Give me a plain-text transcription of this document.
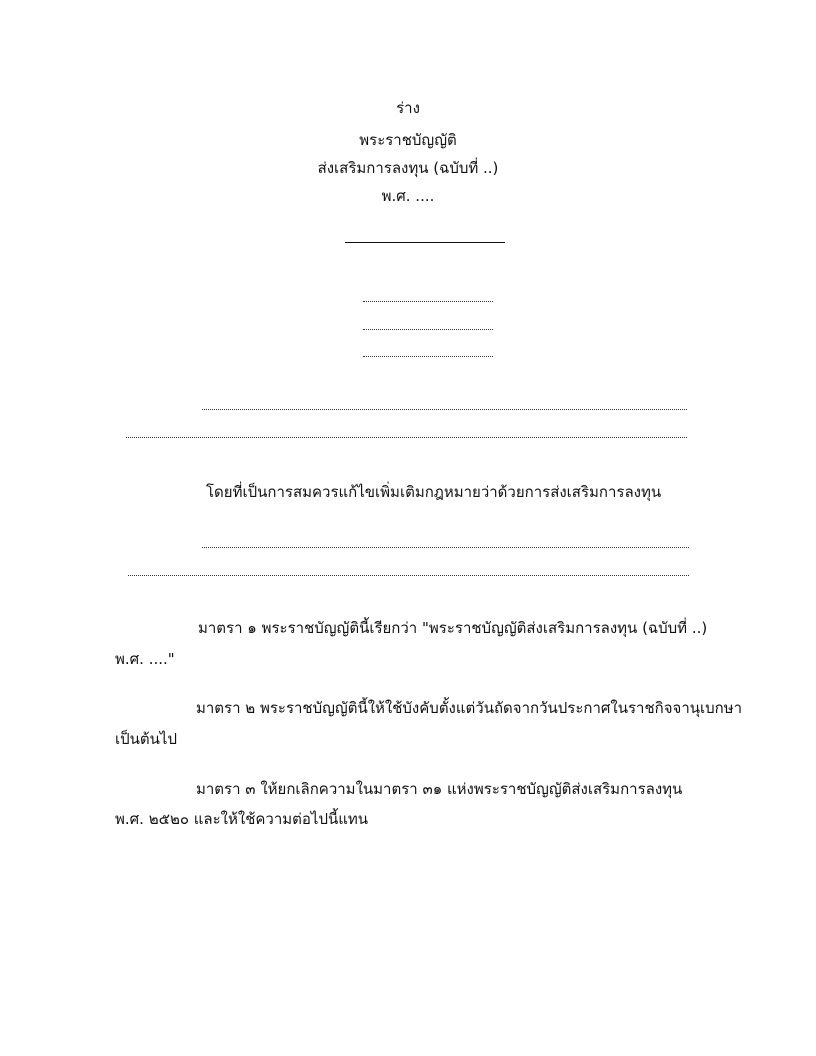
ร่าง
พระราชบัญญัติ
ส่งเสริมการลงทุน (ฉบับที่ ..)
พ.ศ. ....
โดยที่เป็นการสมควรแก้ไขเพิ่มเติมกฎหมายว่าด้วยการส่งเสริมการลงทุน
มาตรา ๑ พระราชบัญญัตินี้เรียกว่า "พระราชบัญญัติส่งเสริมการลงทุน (ฉบับที่ ..)
พ.ศ. ...."
มาตรา ๒ พระราชบัญญัตินี้ให้ใช้บังคับตั้งแต่วันถัดจากวันประกาศในราชกิจจานุเบกษา
เป็นต้นไป
มาตรา ๓ ให้ยกเลิกความในมาตรา ๓๑ แห่งพระราชบัญญัติส่งเสริมการลงทุน
พ.ศ. ๒๕๒๐ และให้ใช้ความต่อไปนี้แทน
